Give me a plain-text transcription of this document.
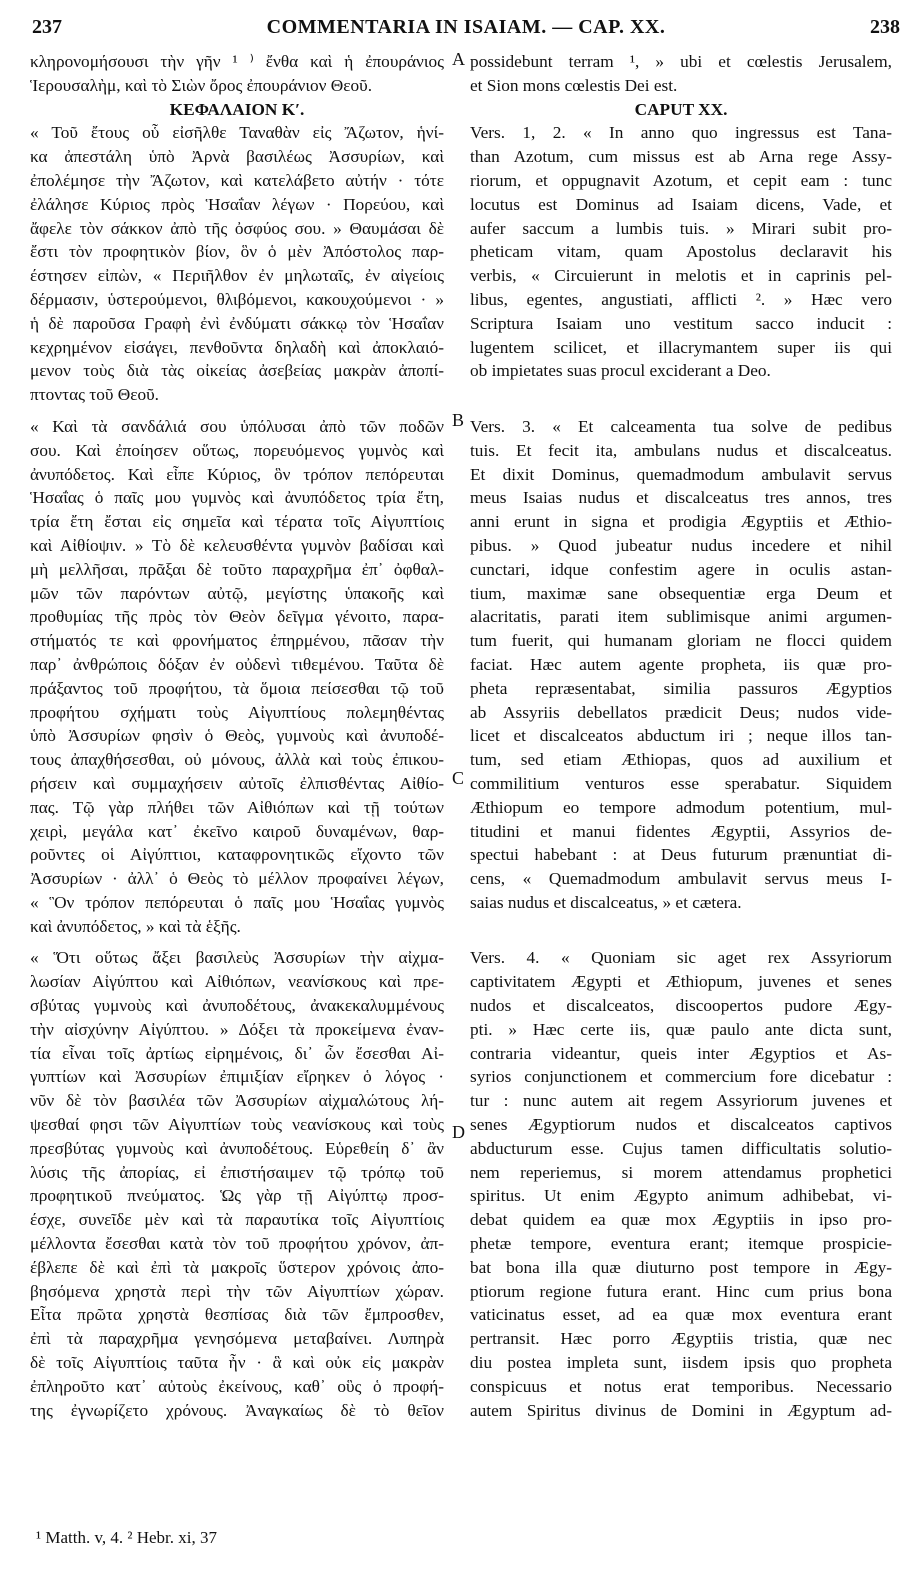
237	COMMENTARIA IN ISAIAM. — CAP. XX.	238
κληρονομήσουσι τὴν γῆν ¹ ⁾ ἔνθα καὶ ἡ ἐπουράνιος
Ἱερουσαλὴμ, καὶ τὸ Σιὼν ὄρος ἐπουράνιον Θεοῦ.
ΚΕΦΑΛΑΙΟΝ Κʹ.
« Τοῦ ἔτους οὗ εἰσῆλθε Ταναθὰν εἰς Ἄζωτον, ἡνί-
κα ἀπεστάλη ὑπὸ Ἀρνὰ βασιλέως Ἀσσυρίων, καὶ
ἐπολέμησε τὴν Ἄζωτον, καὶ κατελάβετο αὐτήν · τότε
ἐλάλησε Κύριος πρὸς Ἡσαΐαν λέγων · Πορεύου, καὶ
ἄφελε τὸν σάκκον ἀπὸ τῆς ὀσφύος σου. » Θαυμάσαι δὲ
ἔστι τὸν προφητικὸν βίον, ὃν ὁ μὲν Ἀπόστολος παρ-
έστησεν εἰπὼν, « Περιῆλθον ἐν μηλωταῖς, ἐν αἰγείοις
δέρμασιν, ὑστερούμενοι, θλιβόμενοι, κακουχούμενοι · »
ἡ δὲ παροῦσα Γραφὴ ἐνὶ ἐνδύματι σάκκῳ τὸν Ἡσαΐαν
κεχρημένον εἰσάγει, πενθοῦντα δηλαδὴ καὶ ἀποκλαιό-
μενον τοὺς διὰ τὰς οἰκείας ἀσεβείας μακρὰν ἀποπί-
πτοντας τοῦ Θεοῦ.
« Καὶ τὰ σανδάλιά σου ὑπόλυσαι ἀπὸ τῶν ποδῶν
σου. Καὶ ἐποίησεν οὕτως, πορευόμενος γυμνὸς καὶ
ἀνυπόδετος. Καὶ εἶπε Κύριος, ὃν τρόπον πεπόρευται
Ἡσαΐας ὁ παῖς μου γυμνὸς καὶ ἀνυπόδετος τρία ἔτη,
τρία ἔτη ἔσται εἰς σημεῖα καὶ τέρατα τοῖς Αἰγυπτίοις
καὶ Αἰθίοψιν. » Τὸ δὲ κελευσθέντα γυμνὸν βαδίσαι καὶ
μὴ μελλῆσαι, πρᾶξαι δὲ τοῦτο παραχρῆμα ἐπ᾽ ὀφθαλ-
μῶν τῶν παρόντων αὐτῷ, μεγίστης ὑπακοῆς καὶ
προθυμίας τῆς πρὸς τὸν Θεὸν δεῖγμα γένοιτο, παρα-
στήματός τε καὶ φρονήματος ἐπηρμένου, πᾶσαν τὴν
παρ᾽ ἀνθρώποις δόξαν ἐν οὐδενὶ τιθεμένου. Ταῦτα δὲ
πράξαντος τοῦ προφήτου, τὰ ὅμοια πείσεσθαι τῷ τοῦ
προφήτου σχήματι τοὺς Αἰγυπτίους πολεμηθέντας
ὑπὸ Ἀσσυρίων φησὶν ὁ Θεὸς, γυμνοὺς καὶ ἀνυποδέ-
τους ἀπαχθήσεσθαι, οὐ μόνους, ἀλλὰ καὶ τοὺς ἐπικου-
ρήσειν καὶ συμμαχήσειν αὐτοῖς ἐλπισθέντας Αἰθίο-
πας. Τῷ γὰρ πλήθει τῶν Αἰθιόπων καὶ τῇ τούτων
χειρὶ, μεγάλα κατ᾽ ἐκεῖνο καιροῦ δυναμένων, θαρ-
ροῦντες οἱ Αἰγύπτιοι, καταφρονητικῶς εἴχοντο τῶν
Ἀσσυρίων · ἀλλ᾽ ὁ Θεὸς τὸ μέλλον προφαίνει λέγων,
« Ὃν τρόπον πεπόρευται ὁ παῖς μου Ἡσαΐας γυμνὸς
καὶ ἀνυπόδετος, » καὶ τὰ ἑξῆς.
« Ὅτι οὕτως ἄξει βασιλεὺς Ἀσσυρίων τὴν αἰχμα-
λωσίαν Αἰγύπτου καὶ Αἰθιόπων, νεανίσκους καὶ πρε-
σβύτας γυμνοὺς καὶ ἀνυποδέτους, ἀνακεκαλυμμένους
τὴν αἰσχύνην Αἰγύπτου. » Δόξει τὰ προκείμενα ἐναν-
τία εἶναι τοῖς ἀρτίως εἰρημένοις, δι᾽ ὧν ἔσεσθαι Αἰ-
γυπτίων καὶ Ἀσσυρίων ἐπιμιξίαν εἴρηκεν ὁ λόγος ·
νῦν δὲ τὸν βασιλέα τῶν Ἀσσυρίων αἰχμαλώτους λή-
ψεσθαί φησι τῶν Αἰγυπτίων τοὺς νεανίσκους καὶ τοὺς
πρεσβύτας γυμνοὺς καὶ ἀνυποδέτους. Εὑρεθείη δ᾽ ἂν
λύσις τῆς ἀπορίας, εἰ ἐπιστήσαιμεν τῷ τρόπῳ τοῦ
προφητικοῦ πνεύματος. Ὡς γὰρ τῇ Αἰγύπτῳ προσ-
έσχε, συνεῖδε μὲν καὶ τὰ παραυτίκα τοῖς Αἰγυπτίοις
μέλλοντα ἔσεσθαι κατὰ τὸν τοῦ προφήτου χρόνον, ἀπ-
έβλεπε δὲ καὶ ἐπὶ τὰ μακροῖς ὕστερον χρόνοις ἀπο-
βησόμενα χρηστὰ περὶ τὴν τῶν Αἰγυπτίων χώραν.
Εἶτα πρῶτα χρηστὰ θεσπίσας διὰ τῶν ἔμπροσθεν,
ἐπὶ τὰ παραχρῆμα γενησόμενα μεταβαίνει. Λυπηρὰ
δὲ τοῖς Αἰγυπτίοις ταῦτα ἦν · ἃ καὶ οὐκ εἰς μακρὰν
ἐπληροῦτο κατ᾽ αὐτοὺς ἐκείνους, καθ᾽ οὓς ὁ προφή-
της ἐγνωρίζετο χρόνους. Ἀναγκαίως δὲ τὸ θεῖον
A
B
C
D
possidebunt terram ¹, » ubi et cœlestis Jerusalem,
et Sion mons cœlestis Dei est.
CAPUT XX.
Vers. 1, 2. « In anno quo ingressus est Tana-
than Azotum, cum missus est ab Arna rege Assy-
riorum, et oppugnavit Azotum, et cepit eam : tunc
locutus est Dominus ad Isaiam dicens, Vade, et
aufer saccum a lumbis tuis. » Mirari subit pro-
pheticam vitam, quam Apostolus declaravit his
verbis, « Circuierunt in melotis et in caprinis pel-
libus, egentes, angustiati, afflicti ². » Hæc vero
Scriptura Isaiam uno vestitum sacco inducit :
lugentem scilicet, et illacrymantem super iis qui
ob impietates suas procul exciderant a Deo.
Vers. 3. « Et calceamenta tua solve de pedibus
tuis. Et fecit ita, ambulans nudus et discalceatus.
Et dixit Dominus, quemadmodum ambulavit servus
meus Isaias nudus et discalceatus tres annos, tres
anni erunt in signa et prodigia Ægyptiis et Æthio-
pibus. » Quod jubeatur nudus incedere et nihil
cunctari, idque confestim agere in oculis astan-
tium, maximæ sane obsequentiæ erga Deum et
alacritatis, parati item sublimisque animi argumen-
tum fuerit, qui humanam gloriam ne flocci quidem
faciat. Hæc autem agente propheta, iis quæ pro-
pheta repræsentabat, similia passuros Ægyptios
ab Assyriis debellatos prædicit Deus; nudos vide-
licet et discalceatos abductum iri ; neque illos tan-
tum, sed etiam Æthiopas, quos ad auxilium et
commilitium venturos esse sperabatur. Siquidem
Æthiopum eo tempore admodum potentium, mul-
titudini et manui fidentes Ægyptii, Assyrios de-
spectui habebant : at Deus futurum prænuntiat di-
cens, « Quemadmodum ambulavit servus meus I-
saias nudus et discalceatus, » et cætera.
Vers. 4. « Quoniam sic aget rex Assyriorum
captivitatem Ægypti et Æthiopum, juvenes et senes
nudos et discalceatos, discoopertos pudore Ægy-
pti. » Hæc certe iis, quæ paulo ante dicta sunt,
contraria videantur, queis inter Ægyptios et As-
syrios conjunctionem et commercium fore dicebatur :
tur : nunc autem ait regem Assyriorum juvenes et
senes Ægyptiorum nudos et discalceatos captivos
abducturum esse. Cujus tamen difficultatis solutio-
nem reperiemus, si morem attendamus prophetici
spiritus. Ut enim Ægypto animum adhibebat, vi-
debat quidem ea quæ mox Ægyptiis in ipso pro-
phetæ tempore, eventura erant; itemque prospicie-
bat bona illa quæ diuturno post tempore in Ægy-
ptiorum regione futura erant. Hinc cum prius bona
vaticinatus esset, ad ea quæ mox eventura erant
pertransit. Hæc porro Ægyptiis tristia, quæ nec
diu postea impleta sunt, iisdem ipsis quo propheta
conspicuus et notus erat temporibus. Necessario
autem Spiritus divinus de Domini in Ægyptum ad-
¹ Matth. v, 4. ² Hebr. xi, 37
